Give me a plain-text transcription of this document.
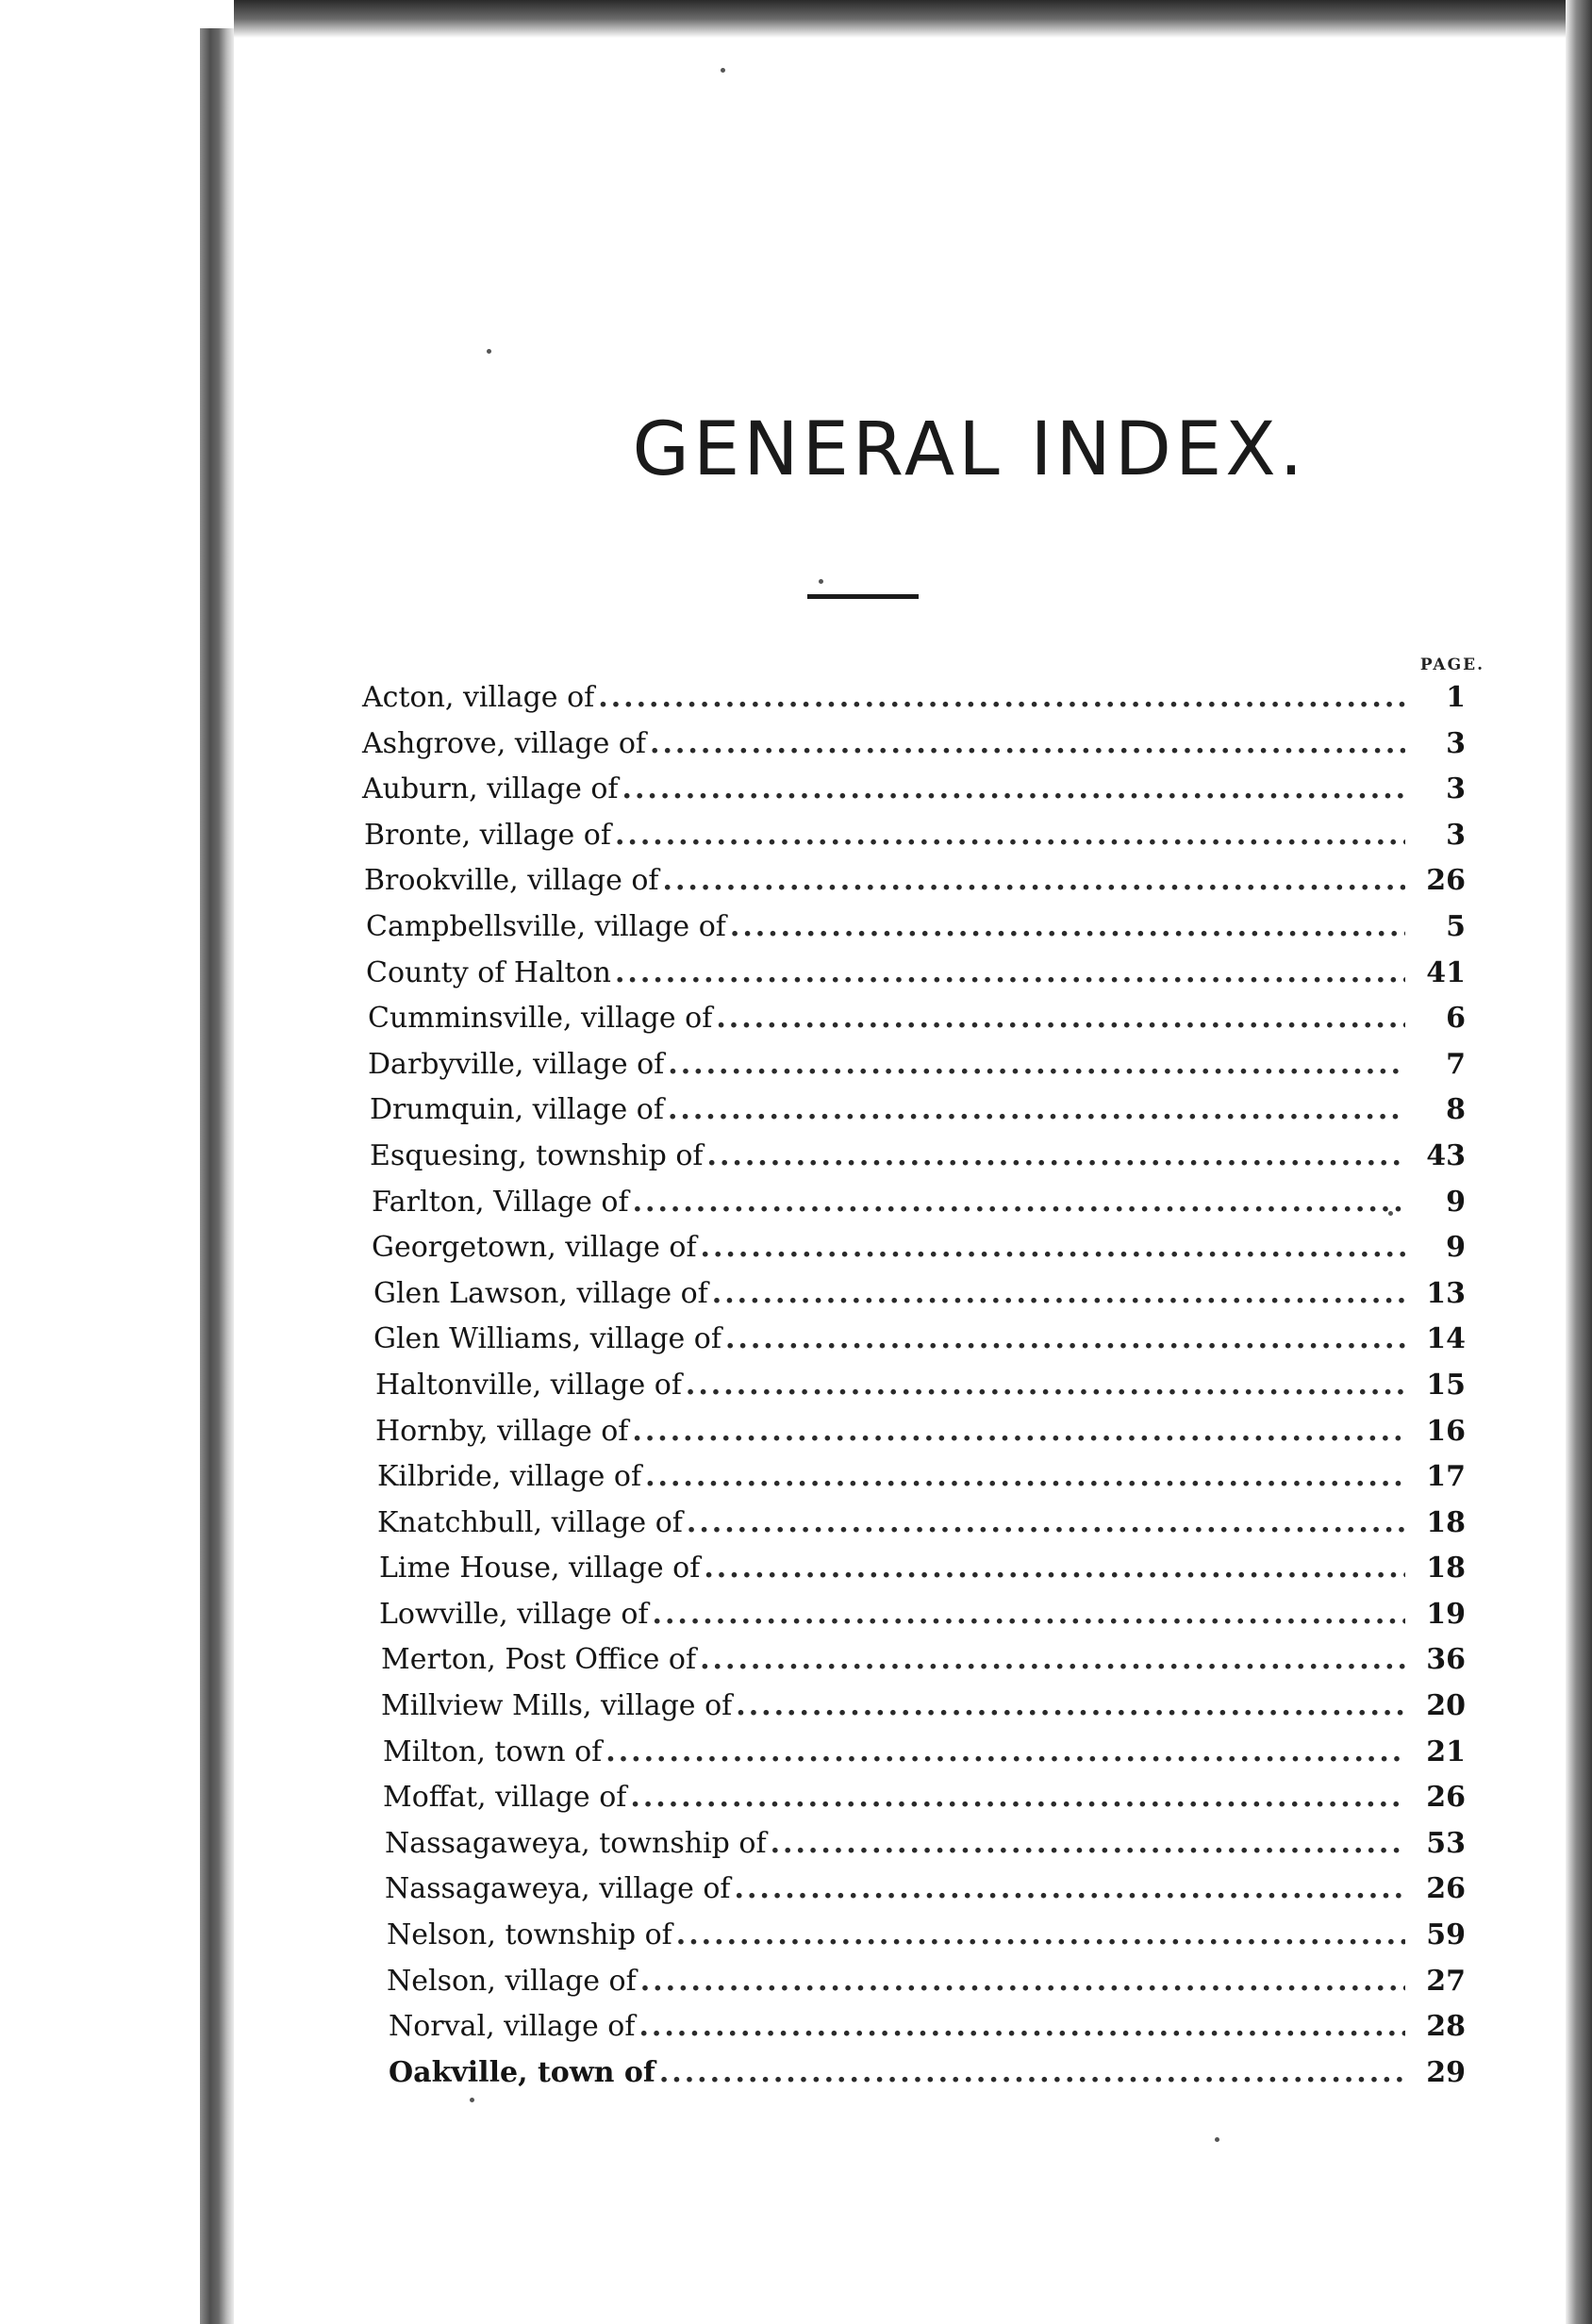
GENERAL INDEX.
PAGE.
Acton, village of .....	1
Ashgrove, village of .....	3
Auburn, village of .....	3
Bronte, village of .....	3
Brookville, village of .....	26
Campbellsville, village of .....	5
County of Halton .....	41
Cumminsville, village of .....	6
Darbyville, village of .....	7
Drumquin, village of .....	8
Esquesing, township of .....	43
Farlton, Village of .....	9
Georgetown, village of .....	9
Glen Lawson, village of .....	13
Glen Williams, village of .....	14
Haltonville, village of .....	15
Hornby, village of .....	16
Kilbride, village of .....	17
Knatchbull, village of .....	18
Lime House, village of .....	18
Lowville, village of .....	19
Merton, Post Office of .....	36
Millview Mills, village of .....	20
Milton, town of .....	21
Moffat, village of .....	26
Nassagaweya, township of .....	53
Nassagaweya, village of .....	26
Nelson, township of .....	59
Nelson, village of .....	27
Norval, village of .....	28
Oakville, town of .....	29
